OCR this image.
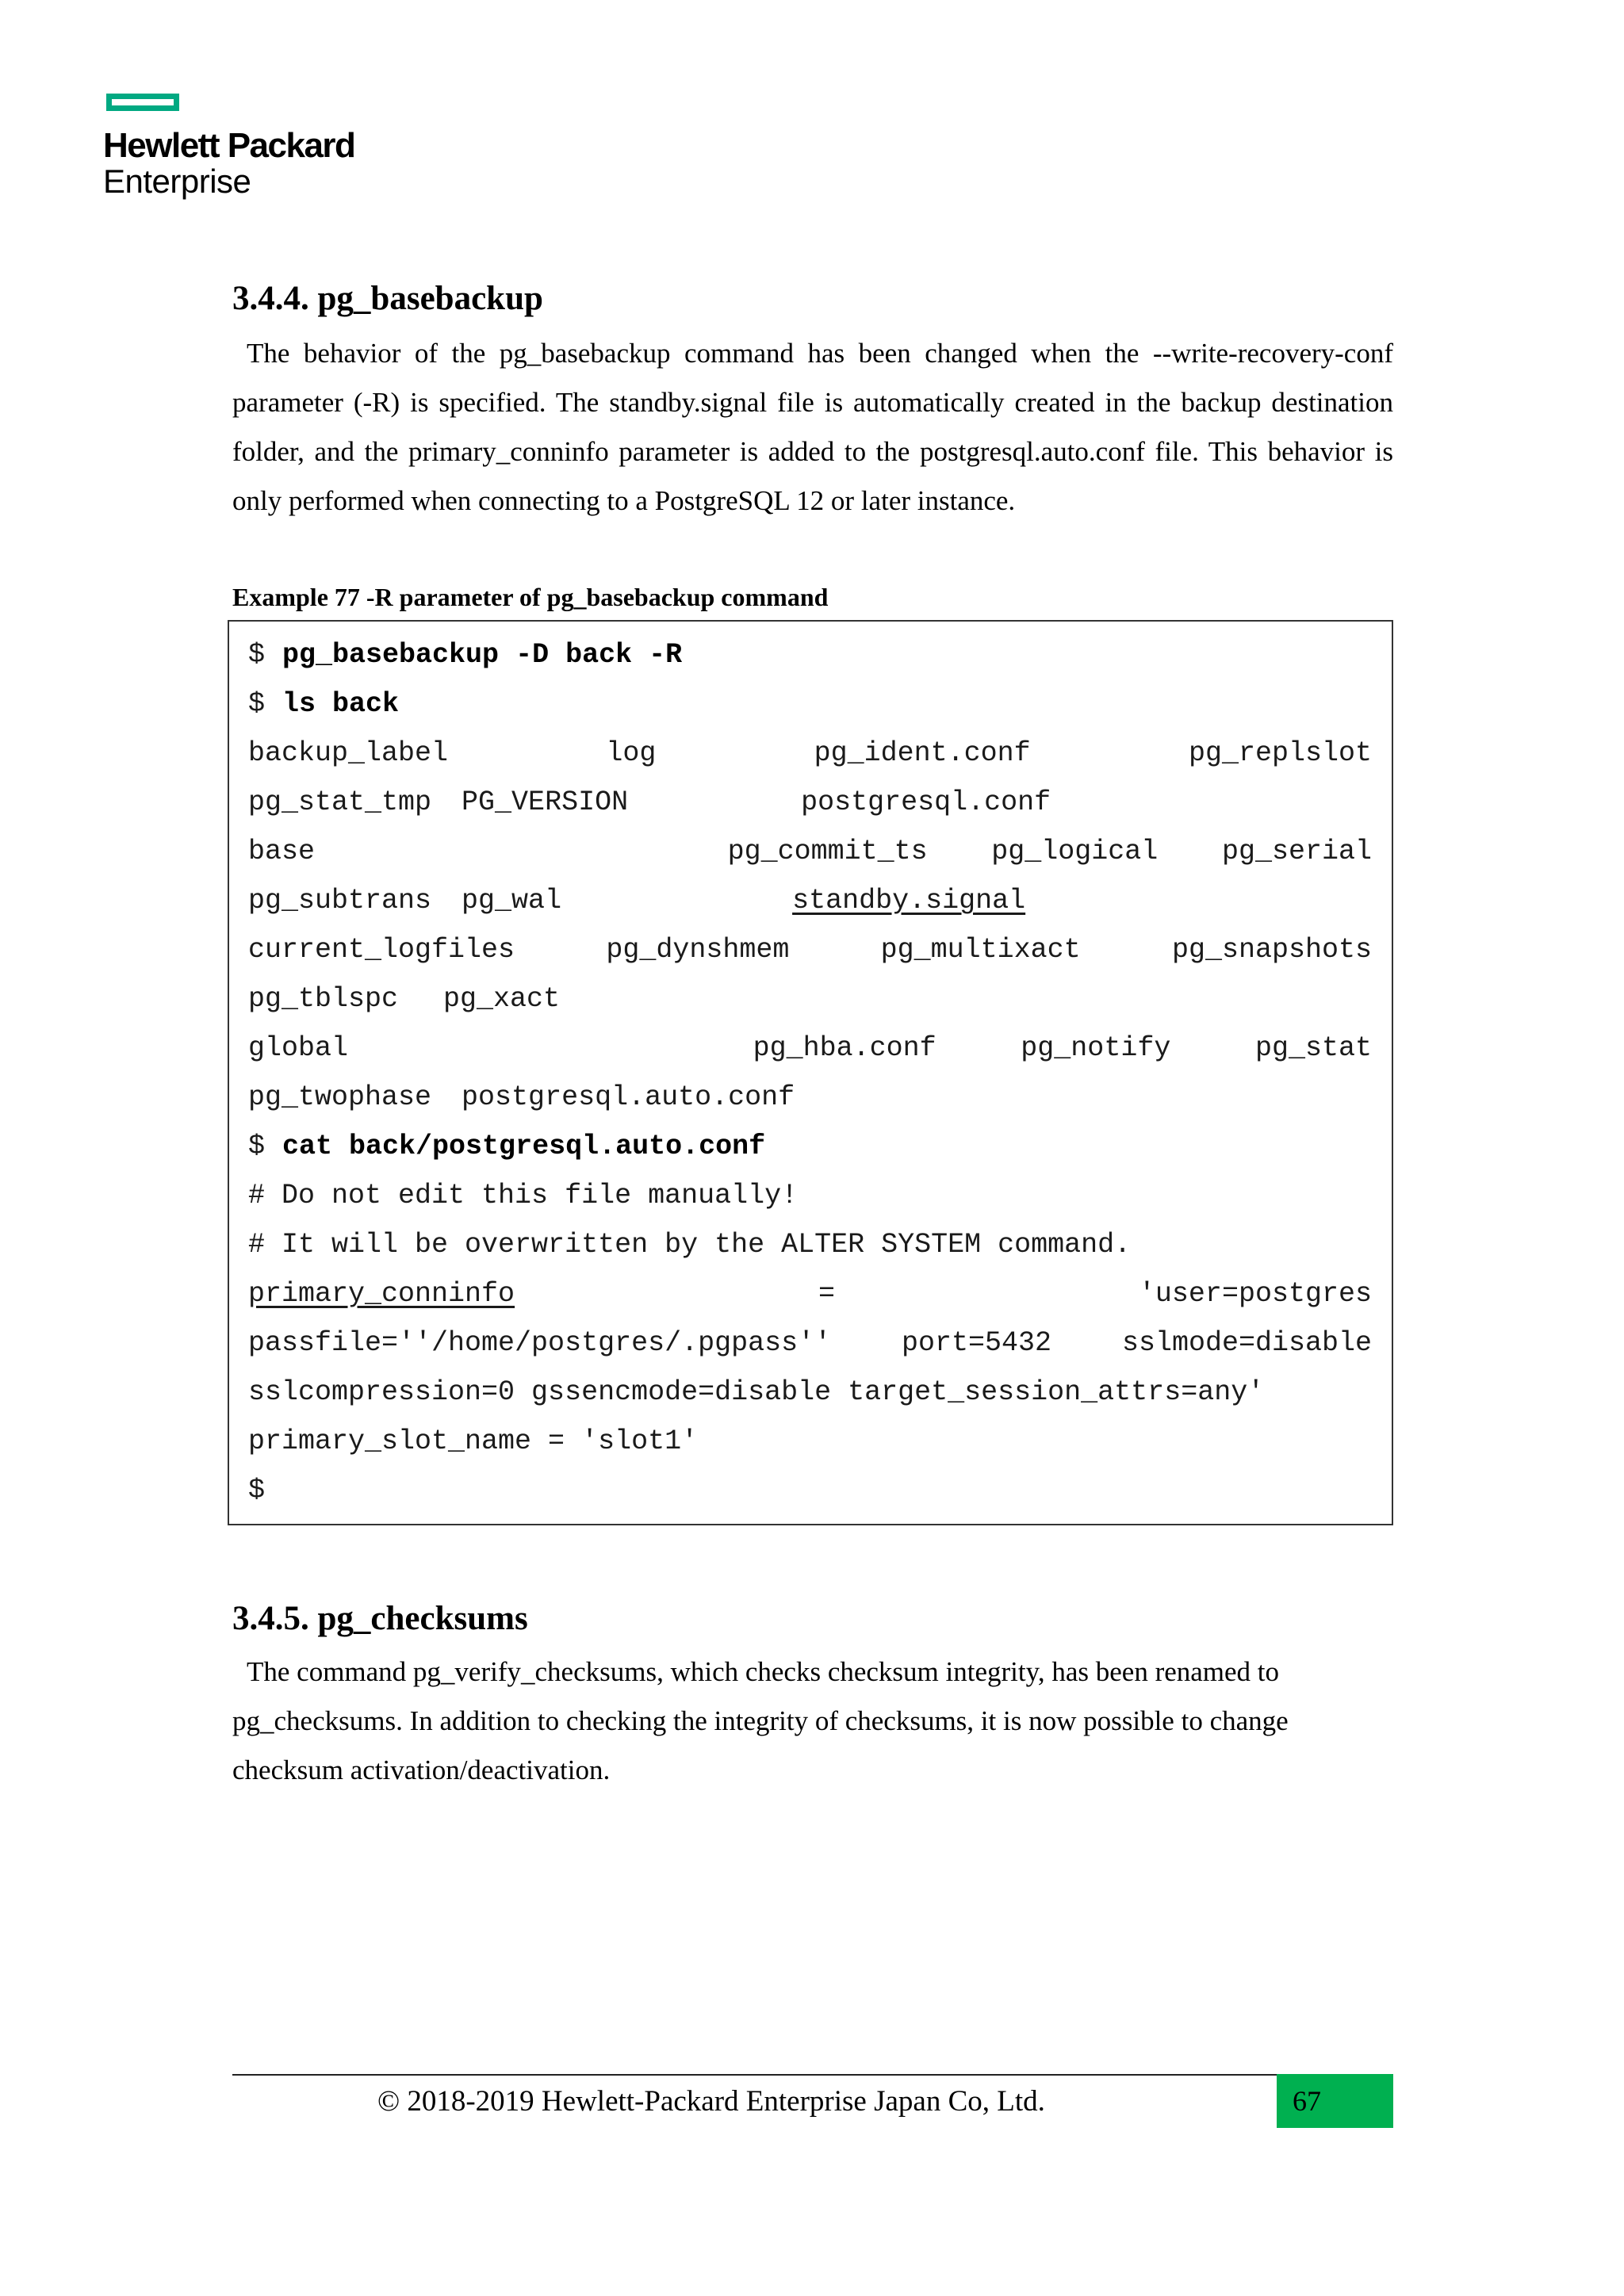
Hewlett Packard
Enterprise
3.4.4. pg_basebackup

The behavior of the pg_basebackup command has been changed when the --write-recovery-conf parameter (-R) is specified. The standby.signal file is automatically created in the backup destination folder, and the primary_conninfo parameter is added to the postgresql.auto.conf file. This behavior is only performed when connecting to a PostgreSQL 12 or later instance.

Example 77 -R parameter of pg_basebackup command
$ pg_basebackup -D back -R
$ ls back
backup_label	log	pg_ident.conf	pg_replslot
pg_stat_tmp PG_VERSION	postgresql.conf
base	pg_commit_ts pg_logical pg_serial
pg_subtrans pg_wal	standby.signal
current_logfiles	pg_dynshmem	pg_multixact	pg_snapshots
pg_tblspc pg_xact
global	pg_hba.conf	pg_notify	pg_stat
pg_twophase postgresql.auto.conf
$ cat back/postgresql.auto.conf
# Do not edit this file manually!
# It will be overwritten by the ALTER SYSTEM command.
primary_conninfo	=	'user=postgres
passfile=''/home/postgres/.pgpass''	port=5432	sslmode=disable
sslcompression=0 gssencmode=disable target_session_attrs=any'
primary_slot_name = 'slot1'
$
3.4.5. pg_checksums
The command pg_verify_checksums, which checks checksum integrity, has been renamed to
pg_checksums. In addition to checking the integrity of checksums, it is now possible to change
checksum activation/deactivation.
© 2018-2019 Hewlett-Packard Enterprise Japan Co, Ltd.	67
